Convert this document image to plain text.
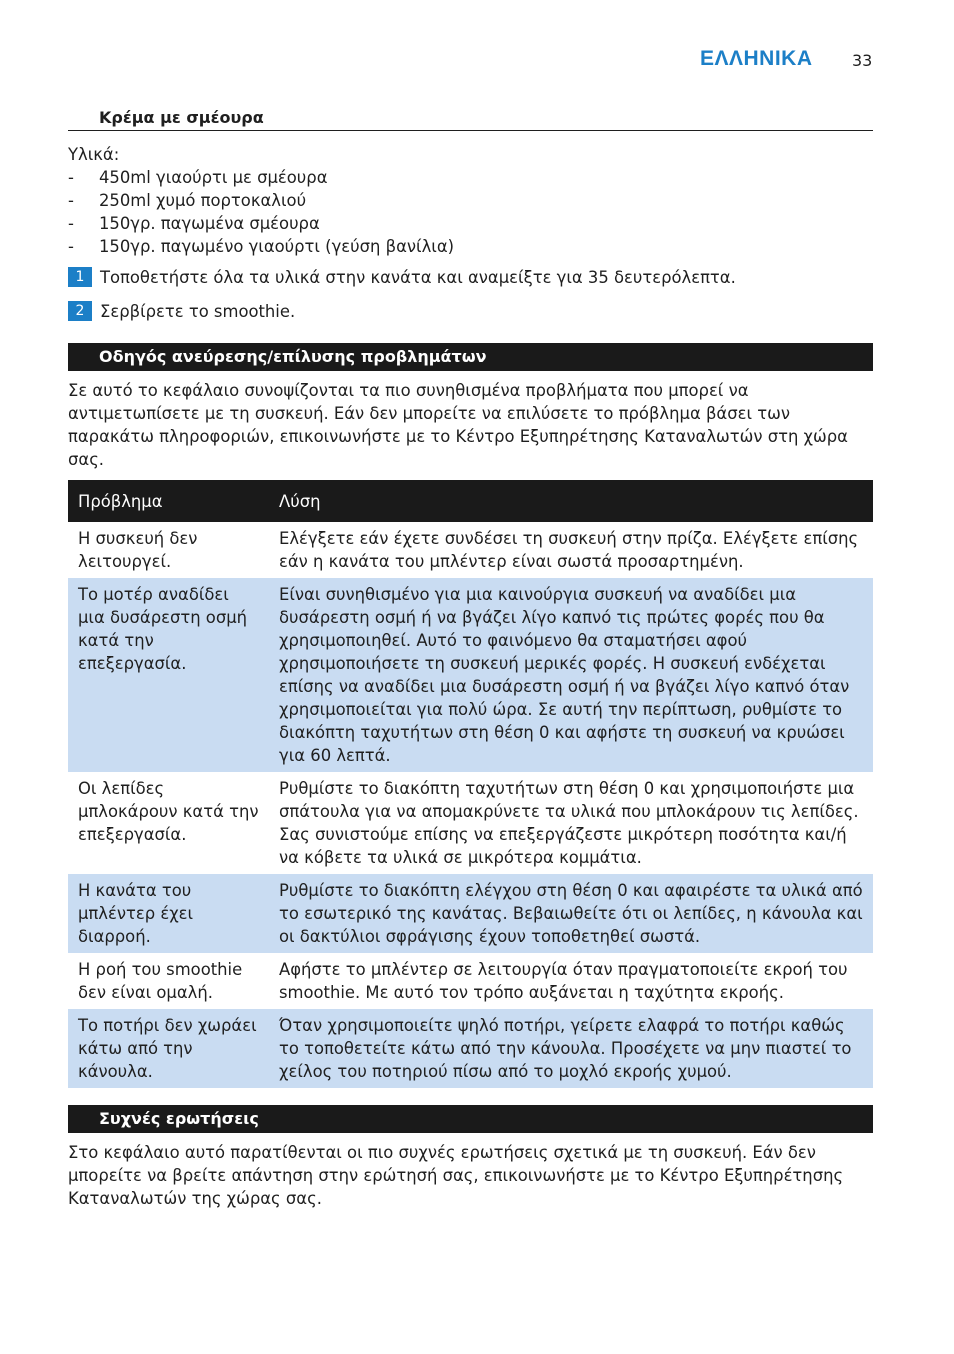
ΕΛΛΗΝΙΚΑ 33
Κρέμα με σμέουρα
Υλικά:
- 450ml γιαούρτι με σμέουρα
- 250ml χυμό πορτοκαλιού
- 150γρ. παγωμένα σμέουρα
- 150γρ. παγωμένο γιαούρτι (γεύση βανίλια)
1 Τοποθετήστε όλα τα υλικά στην κανάτα και αναμείξτε για 35 δευτερόλεπτα.
2 Σερβίρετε το smoothie.
Οδηγός ανεύρεσης/επίλυσης προβλημάτων
Σε αυτό το κεφάλαιο συνοψίζονται τα πιο συνηθισμένα προβλήματα που μπορεί να αντιμετωπίσετε με τη συσκευή. Εάν δεν μπορείτε να επιλύσετε το πρόβλημα βάσει των παρακάτω πληροφοριών, επικοινωνήστε με το Κέντρο Εξυπηρέτησης Καταναλωτών στη χώρα σας.
Πρόβλημα	Λύση
Η συσκευή δεν λειτουργεί.	Ελέγξετε εάν έχετε συνδέσει τη συσκευή στην πρίζα. Ελέγξετε επίσης εάν η κανάτα του μπλέντερ είναι σωστά προσαρτημένη.
Το μοτέρ αναδίδει μια δυσάρεστη οσμή κατά την επεξεργασία.	Είναι συνηθισμένο για μια καινούργια συσκευή να αναδίδει μια δυσάρεστη οσμή ή να βγάζει λίγο καπνό τις πρώτες φορές που θα χρησιμοποιηθεί. Αυτό το φαινόμενο θα σταματήσει αφού χρησιμοποιήσετε τη συσκευή μερικές φορές. Η συσκευή ενδέχεται επίσης να αναδίδει μια δυσάρεστη οσμή ή να βγάζει λίγο καπνό όταν χρησιμοποιείται για πολύ ώρα. Σε αυτή την περίπτωση, ρυθμίστε το διακόπτη ταχυτήτων στη θέση 0 και αφήστε τη συσκευή να κρυώσει για 60 λεπτά.
Οι λεπίδες μπλοκάρουν κατά την επεξεργασία.	Ρυθμίστε το διακόπτη ταχυτήτων στη θέση 0 και χρησιμοποιήστε μια σπάτουλα για να απομακρύνετε τα υλικά που μπλοκάρουν τις λεπίδες. Σας συνιστούμε επίσης να επεξεργάζεστε μικρότερη ποσότητα και/ή να κόβετε τα υλικά σε μικρότερα κομμάτια.
Η κανάτα του μπλέντερ έχει διαρροή.	Ρυθμίστε το διακόπτη ελέγχου στη θέση 0 και αφαιρέστε τα υλικά από το εσωτερικό της κανάτας. Βεβαιωθείτε ότι οι λεπίδες, η κάνουλα και οι δακτύλιοι σφράγισης έχουν τοποθετηθεί σωστά.
Η ροή του smoothie δεν είναι ομαλή.	Αφήστε το μπλέντερ σε λειτουργία όταν πραγματοποιείτε εκροή του smoothie. Με αυτό τον τρόπο αυξάνεται η ταχύτητα εκροής.
Το ποτήρι δεν χωράει κάτω από την κάνουλα.	Όταν χρησιμοποιείτε ψηλό ποτήρι, γείρετε ελαφρά το ποτήρι καθώς το τοποθετείτε κάτω από την κάνουλα. Προσέχετε να μην πιαστεί το χείλος του ποτηριού πίσω από το μοχλό εκροής χυμού.
Συχνές ερωτήσεις
Στο κεφάλαιο αυτό παρατίθενται οι πιο συχνές ερωτήσεις σχετικά με τη συσκευή. Εάν δεν μπορείτε να βρείτε απάντηση στην ερώτησή σας, επικοινωνήστε με το Κέντρο Εξυπηρέτησης Καταναλωτών της χώρας σας.
